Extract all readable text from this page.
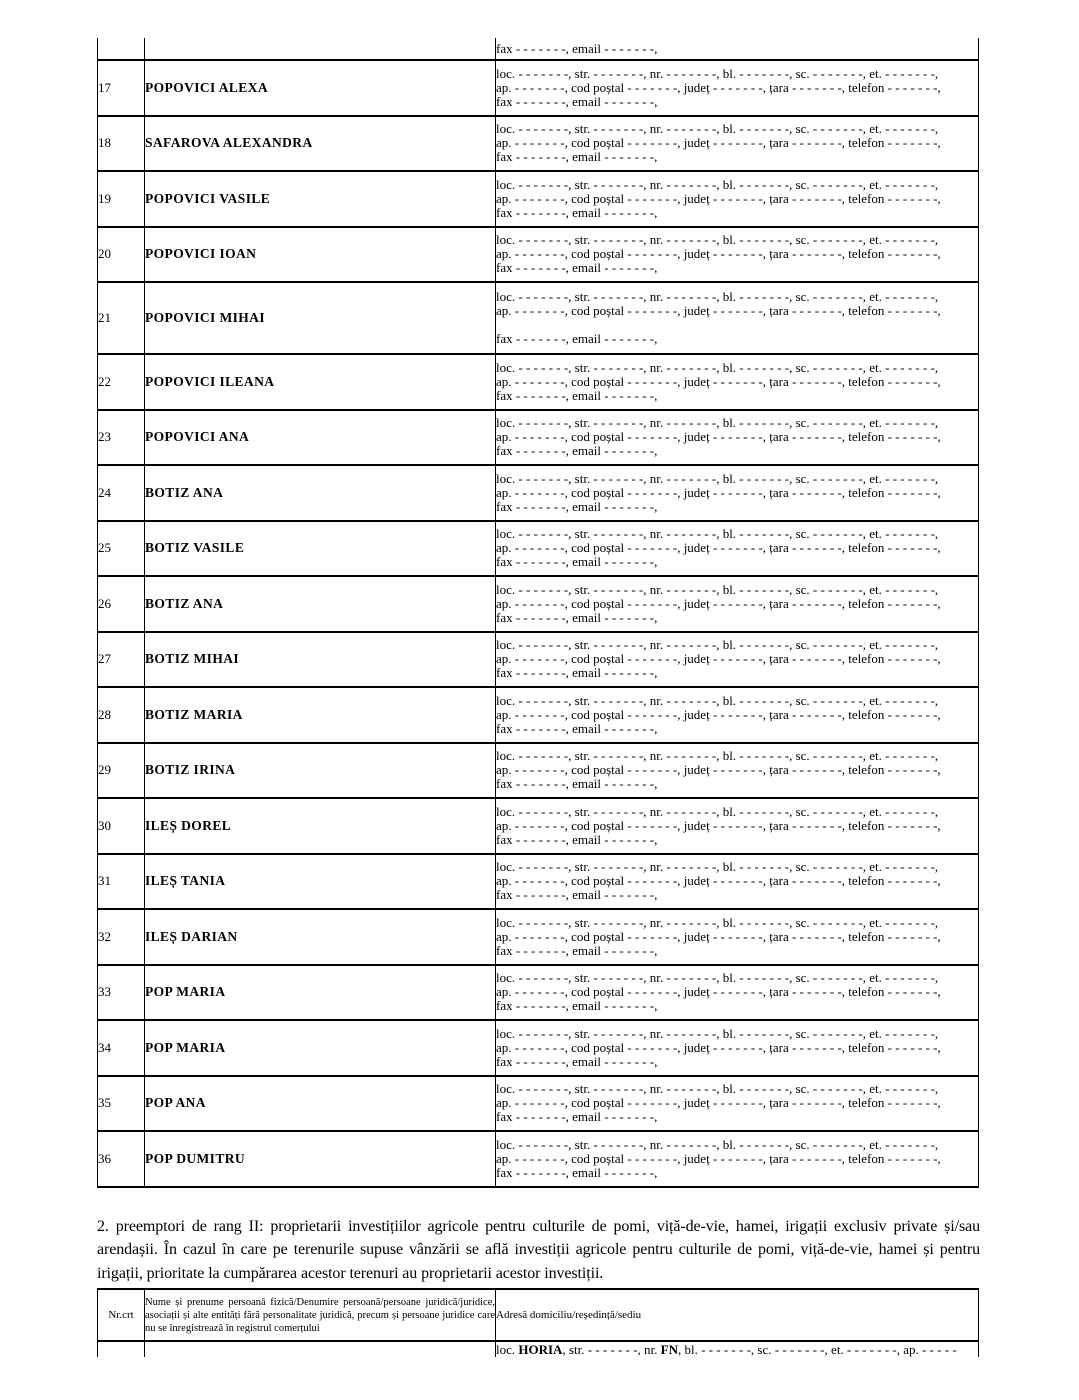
		fax - - - - - - -, email - - - - - - -,

17	POPOVICI ALEXA	loc. - - - - - - -, str. - - - - - - -, nr. - - - - - - -, bl. - - - - - - -, sc. - - - - - - -, et. - - - - - - -,
ap. - - - - - - -, cod poștal - - - - - - -, județ - - - - - - -, țara - - - - - - -, telefon - - - - - - -,
fax - - - - - - -, email - - - - - - -,

18	SAFAROVA ALEXANDRA	loc. - - - - - - -, str. - - - - - - -, nr. - - - - - - -, bl. - - - - - - -, sc. - - - - - - -, et. - - - - - - -,
ap. - - - - - - -, cod poștal - - - - - - -, județ - - - - - - -, țara - - - - - - -, telefon - - - - - - -,
fax - - - - - - -, email - - - - - - -,

19	POPOVICI VASILE	loc. - - - - - - -, str. - - - - - - -, nr. - - - - - - -, bl. - - - - - - -, sc. - - - - - - -, et. - - - - - - -,
ap. - - - - - - -, cod poștal - - - - - - -, județ - - - - - - -, țara - - - - - - -, telefon - - - - - - -,
fax - - - - - - -, email - - - - - - -,

20	POPOVICI IOAN	loc. - - - - - - -, str. - - - - - - -, nr. - - - - - - -, bl. - - - - - - -, sc. - - - - - - -, et. - - - - - - -,
ap. - - - - - - -, cod poștal - - - - - - -, județ - - - - - - -, țara - - - - - - -, telefon - - - - - - -,
fax - - - - - - -, email - - - - - - -,

21	POPOVICI MIHAI	loc. - - - - - - -, str. - - - - - - -, nr. - - - - - - -, bl. - - - - - - -, sc. - - - - - - -, et. - - - - - - -,
ap. - - - - - - -, cod poștal - - - - - - -, județ - - - - - - -, țara - - - - - - -, telefon - - - - - - -,
fax - - - - - - -, email - - - - - - -,

22	POPOVICI ILEANA	loc. - - - - - - -, str. - - - - - - -, nr. - - - - - - -, bl. - - - - - - -, sc. - - - - - - -, et. - - - - - - -,
ap. - - - - - - -, cod poștal - - - - - - -, județ - - - - - - -, țara - - - - - - -, telefon - - - - - - -,
fax - - - - - - -, email - - - - - - -,

23	POPOVICI ANA	loc. - - - - - - -, str. - - - - - - -, nr. - - - - - - -, bl. - - - - - - -, sc. - - - - - - -, et. - - - - - - -,
ap. - - - - - - -, cod poștal - - - - - - -, județ - - - - - - -, țara - - - - - - -, telefon - - - - - - -,
fax - - - - - - -, email - - - - - - -,

24	BOTIZ ANA	loc. - - - - - - -, str. - - - - - - -, nr. - - - - - - -, bl. - - - - - - -, sc. - - - - - - -, et. - - - - - - -,
ap. - - - - - - -, cod poștal - - - - - - -, județ - - - - - - -, țara - - - - - - -, telefon - - - - - - -,
fax - - - - - - -, email - - - - - - -,

25	BOTIZ VASILE	loc. - - - - - - -, str. - - - - - - -, nr. - - - - - - -, bl. - - - - - - -, sc. - - - - - - -, et. - - - - - - -,
ap. - - - - - - -, cod poștal - - - - - - -, județ - - - - - - -, țara - - - - - - -, telefon - - - - - - -,
fax - - - - - - -, email - - - - - - -,

26	BOTIZ ANA	loc. - - - - - - -, str. - - - - - - -, nr. - - - - - - -, bl. - - - - - - -, sc. - - - - - - -, et. - - - - - - -,
ap. - - - - - - -, cod poștal - - - - - - -, județ - - - - - - -, țara - - - - - - -, telefon - - - - - - -,
fax - - - - - - -, email - - - - - - -,

27	BOTIZ MIHAI	loc. - - - - - - -, str. - - - - - - -, nr. - - - - - - -, bl. - - - - - - -, sc. - - - - - - -, et. - - - - - - -,
ap. - - - - - - -, cod poștal - - - - - - -, județ - - - - - - -, țara - - - - - - -, telefon - - - - - - -,
fax - - - - - - -, email - - - - - - -,

28	BOTIZ MARIA	loc. - - - - - - -, str. - - - - - - -, nr. - - - - - - -, bl. - - - - - - -, sc. - - - - - - -, et. - - - - - - -,
ap. - - - - - - -, cod poștal - - - - - - -, județ - - - - - - -, țara - - - - - - -, telefon - - - - - - -,
fax - - - - - - -, email - - - - - - -,

29	BOTIZ IRINA	loc. - - - - - - -, str. - - - - - - -, nr. - - - - - - -, bl. - - - - - - -, sc. - - - - - - -, et. - - - - - - -,
ap. - - - - - - -, cod poștal - - - - - - -, județ - - - - - - -, țara - - - - - - -, telefon - - - - - - -,
fax - - - - - - -, email - - - - - - -,

30	ILEȘ DOREL	loc. - - - - - - -, str. - - - - - - -, nr. - - - - - - -, bl. - - - - - - -, sc. - - - - - - -, et. - - - - - - -,
ap. - - - - - - -, cod poștal - - - - - - -, județ - - - - - - -, țara - - - - - - -, telefon - - - - - - -,
fax - - - - - - -, email - - - - - - -,

31	ILEȘ TANIA	loc. - - - - - - -, str. - - - - - - -, nr. - - - - - - -, bl. - - - - - - -, sc. - - - - - - -, et. - - - - - - -,
ap. - - - - - - -, cod poștal - - - - - - -, județ - - - - - - -, țara - - - - - - -, telefon - - - - - - -,
fax - - - - - - -, email - - - - - - -,

32	ILEȘ DARIAN	loc. - - - - - - -, str. - - - - - - -, nr. - - - - - - -, bl. - - - - - - -, sc. - - - - - - -, et. - - - - - - -,
ap. - - - - - - -, cod poștal - - - - - - -, județ - - - - - - -, țara - - - - - - -, telefon - - - - - - -,
fax - - - - - - -, email - - - - - - -,

33	POP MARIA	loc. - - - - - - -, str. - - - - - - -, nr. - - - - - - -, bl. - - - - - - -, sc. - - - - - - -, et. - - - - - - -,
ap. - - - - - - -, cod poștal - - - - - - -, județ - - - - - - -, țara - - - - - - -, telefon - - - - - - -,
fax - - - - - - -, email - - - - - - -,

34	POP MARIA	loc. - - - - - - -, str. - - - - - - -, nr. - - - - - - -, bl. - - - - - - -, sc. - - - - - - -, et. - - - - - - -,
ap. - - - - - - -, cod poștal - - - - - - -, județ - - - - - - -, țara - - - - - - -, telefon - - - - - - -,
fax - - - - - - -, email - - - - - - -,

35	POP ANA	loc. - - - - - - -, str. - - - - - - -, nr. - - - - - - -, bl. - - - - - - -, sc. - - - - - - -, et. - - - - - - -,
ap. - - - - - - -, cod poștal - - - - - - -, județ - - - - - - -, țara - - - - - - -, telefon - - - - - - -,
fax - - - - - - -, email - - - - - - -,

36	POP DUMITRU	loc. - - - - - - -, str. - - - - - - -, nr. - - - - - - -, bl. - - - - - - -, sc. - - - - - - -, et. - - - - - - -,
ap. - - - - - - -, cod poștal - - - - - - -, județ - - - - - - -, țara - - - - - - -, telefon - - - - - - -,
fax - - - - - - -, email - - - - - - -,
2. preemptori de rang II: proprietarii investițiilor agricole pentru culturile de pomi, viță-de-vie, hamei, irigații exclusiv private și/sau arendașii. În cazul în care pe terenurile supuse vânzării se află investiții agricole pentru culturile de pomi, viță-de-vie, hamei și pentru irigații, prioritate la cumpărarea acestor terenuri au proprietarii acestor investiții.
Nr.crt	Nume și prenume persoană fizică/Denumire persoană/persoane juridică/juridice, asociații și alte entități fără personalitate juridică, precum și persoane juridice care nu se înregistrează în registrul comerțului	Adresă domiciliu/reședință/sediu
		loc. HORIA, str. - - - - - - -, nr. FN, bl. - - - - - - -, sc. - - - - - - -, et. - - - - - - -, ap. - - - - -
